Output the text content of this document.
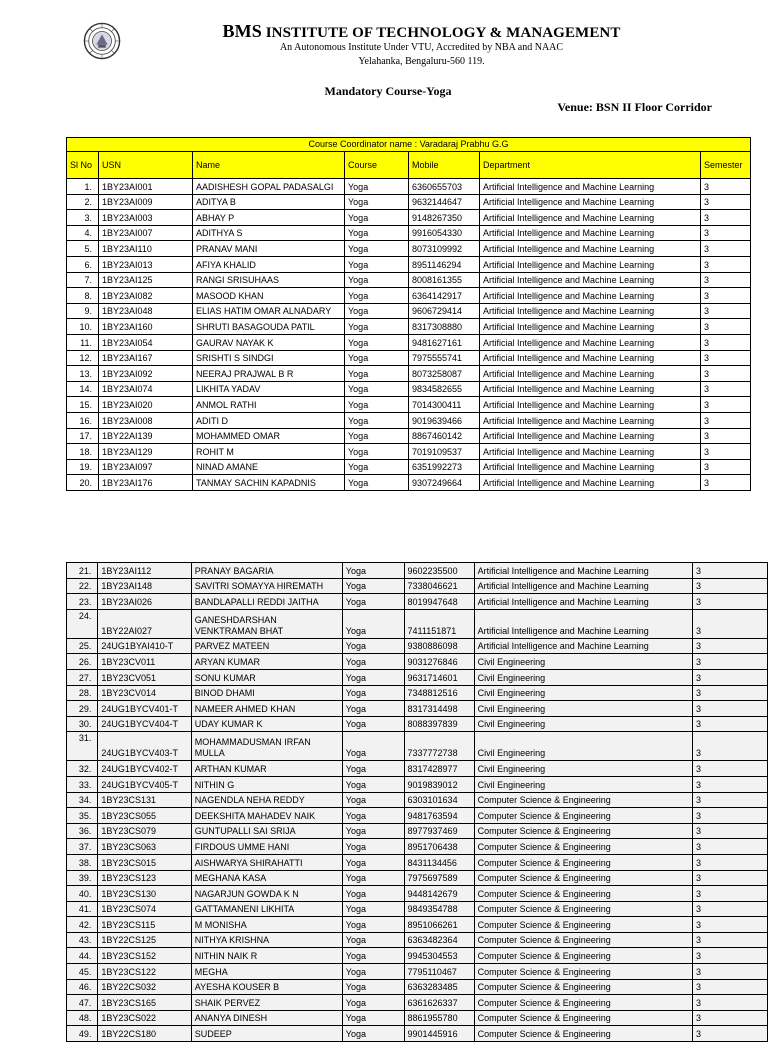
BMS INSTITUTE OF TECHNOLOGY & MANAGEMENT
An Autonomous Institute Under VTU, Accredited by NBA and NAAC
Yelahanka, Bengaluru-560 119.
Mandatory Course-Yoga
Venue: BSN II Floor Corridor
Course Coordinator name : Varadaraj Prabhu G.G						
Sl No	USN	Name	Course	Mobile	Department	Semester
1.	1BY23AI001	AADISHESH GOPAL PADASALGI	Yoga	6360655703	Artificial Intelligence and Machine Learning	3
2.	1BY23AI009	ADITYA B	Yoga	9632144647	Artificial Intelligence and Machine Learning	3
3.	1BY23AI003	ABHAY P	Yoga	9148267350	Artificial Intelligence and Machine Learning	3
4.	1BY23AI007	ADITHYA S	Yoga	9916054330	Artificial Intelligence and Machine Learning	3
5.	1BY23AI110	PRANAV MANI	Yoga	8073109992	Artificial Intelligence and Machine Learning	3
6.	1BY23AI013	AFIYA KHALID	Yoga	8951146294	Artificial Intelligence and Machine Learning	3
7.	1BY23AI125	RANGI SRISUHAAS	Yoga	8008161355	Artificial Intelligence and Machine Learning	3
8.	1BY23AI082	MASOOD KHAN	Yoga	6364142917	Artificial Intelligence and Machine Learning	3
9.	1BY23AI048	ELIAS HATIM OMAR ALNADARY	Yoga	9606729414	Artificial Intelligence and Machine Learning	3
10.	1BY23AI160	SHRUTI BASAGOUDA PATIL	Yoga	8317308880	Artificial Intelligence and Machine Learning	3
11.	1BY23AI054	GAURAV NAYAK K	Yoga	9481627161	Artificial Intelligence and Machine Learning	3
12.	1BY23AI167	SRISHTI S SINDGI	Yoga	7975555741	Artificial Intelligence and Machine Learning	3
13.	1BY23AI092	NEERAJ PRAJWAL B R	Yoga	8073258087	Artificial Intelligence and Machine Learning	3
14.	1BY23AI074	LIKHITA YADAV	Yoga	9834582655	Artificial Intelligence and Machine Learning	3
15.	1BY23AI020	ANMOL RATHI	Yoga	7014300411	Artificial Intelligence and Machine Learning	3
16.	1BY23AI008	ADITI D	Yoga	9019639466	Artificial Intelligence and Machine Learning	3
17.	1BY22AI139	MOHAMMED OMAR	Yoga	8867460142	Artificial Intelligence and Machine Learning	3
18.	1BY23AI129	ROHIT M	Yoga	7019109537	Artificial Intelligence and Machine Learning	3
19.	1BY23AI097	NINAD AMANE	Yoga	6351992273	Artificial Intelligence and Machine Learning	3
20.	1BY23AI176	TANMAY SACHIN KAPADNIS	Yoga	9307249664	Artificial Intelligence and Machine Learning	3
21.	1BY23AI112	PRANAY BAGARIA	Yoga	9602235500	Artificial Intelligence and Machine Learning	3
22.	1BY23AI148	SAVITRI SOMAYYA HIREMATH	Yoga	7338046621	Artificial Intelligence and Machine Learning	3
23.	1BY23AI026	BANDLAPALLI REDDI JAITHA	Yoga	8019947648	Artificial Intelligence and Machine Learning	3
24.	1BY22AI027	GANESHDARSHAN VENKTRAMAN BHAT	Yoga	7411151871	Artificial Intelligence and Machine Learning	3
25.	24UG1BYAI410-T	PARVEZ MATEEN	Yoga	9380886098	Artificial Intelligence and Machine Learning	3
26.	1BY23CV011	ARYAN KUMAR	Yoga	9031276846	Civil Engineering	3
27.	1BY23CV051	SONU KUMAR	Yoga	9631714601	Civil Engineering	3
28.	1BY23CV014	BINOD DHAMI	Yoga	7348812516	Civil Engineering	3
29.	24UG1BYCV401-T	NAMEER AHMED KHAN	Yoga	8317314498	Civil Engineering	3
30.	24UG1BYCV404-T	UDAY KUMAR K	Yoga	8088397839	Civil Engineering	3
31.	24UG1BYCV403-T	MOHAMMADUSMAN IRFAN MULLA	Yoga	7337772738	Civil Engineering	3
32.	24UG1BYCV402-T	ARTHAN KUMAR	Yoga	8317428977	Civil Engineering	3
33.	24UG1BYCV405-T	NITHIN G	Yoga	9019839012	Civil Engineering	3
34.	1BY23CS131	NAGENDLA NEHA REDDY	Yoga	6303101634	Computer Science & Engineering	3
35.	1BY23CS055	DEEKSHITA MAHADEV NAIK	Yoga	9481763594	Computer Science & Engineering	3
36.	1BY23CS079	GUNTUPALLI SAI SRIJA	Yoga	8977937469	Computer Science & Engineering	3
37.	1BY23CS063	FIRDOUS UMME HANI	Yoga	8951706438	Computer Science & Engineering	3
38.	1BY23CS015	AISHWARYA SHIRAHATTI	Yoga	8431134456	Computer Science & Engineering	3
39.	1BY23CS123	MEGHANA KASA	Yoga	7975697589	Computer Science & Engineering	3
40.	1BY23CS130	NAGARJUN GOWDA K N	Yoga	9448142679	Computer Science & Engineering	3
41.	1BY23CS074	GATTAMANENI LIKHITA	Yoga	9849354788	Computer Science & Engineering	3
42.	1BY23CS115	M MONISHA	Yoga	8951066261	Computer Science & Engineering	3
43.	1BY22CS125	NITHYA KRISHNA	Yoga	6363482364	Computer Science & Engineering	3
44.	1BY23CS152	NITHIN NAIK R	Yoga	9945304553	Computer Science & Engineering	3
45.	1BY23CS122	MEGHA	Yoga	7795110467	Computer Science & Engineering	3
46.	1BY22CS032	AYESHA KOUSER B	Yoga	6363283485	Computer Science & Engineering	3
47.	1BY23CS165	SHAIK PERVEZ	Yoga	6361626337	Computer Science & Engineering	3
48.	1BY23CS022	ANANYA DINESH	Yoga	8861955780	Computer Science & Engineering	3
49.	1BY22CS180	SUDEEP	Yoga	9901445916	Computer Science & Engineering	3
